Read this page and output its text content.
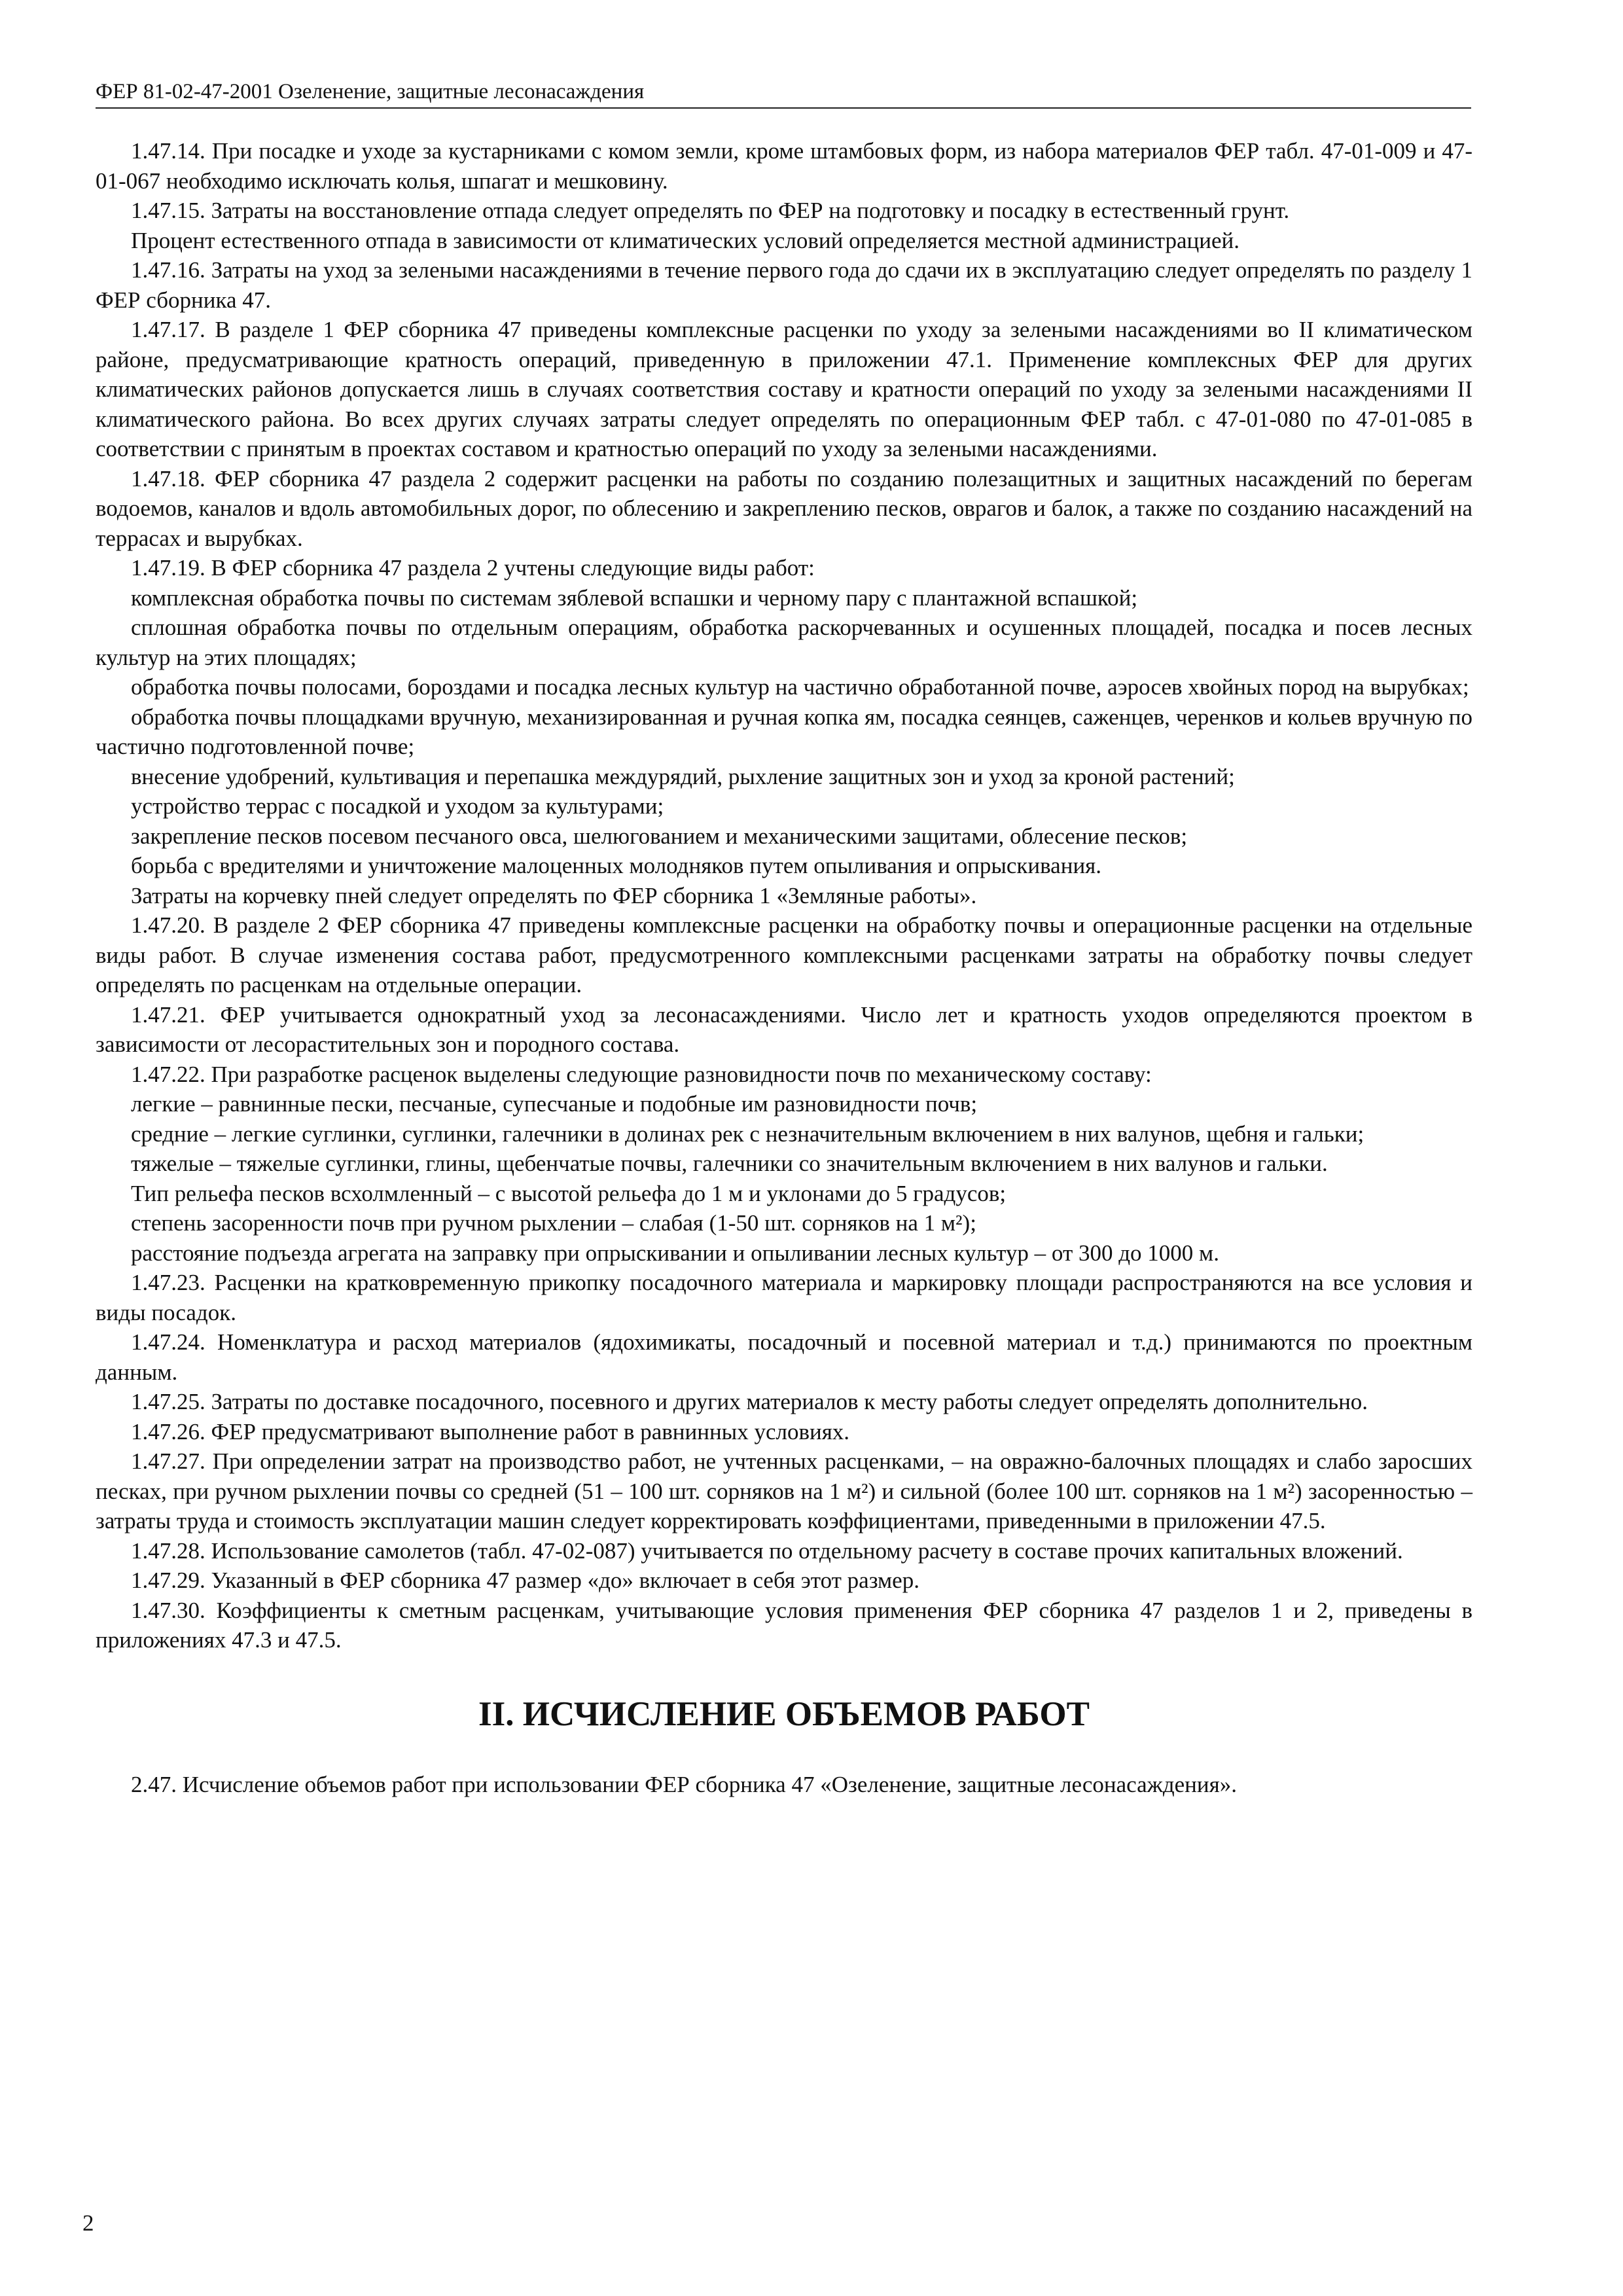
ФЕР 81-02-47-2001 Озеленение, защитные лесонасаждения

1.47.14. При посадке и уходе за кустарниками с комом земли, кроме штамбовых форм, из набора материалов ФЕР табл. 47-01-009 и 47-01-067 необходимо исключать колья, шпагат и мешковину.

1.47.15. Затраты на восстановление отпада следует определять по ФЕР на подготовку и посадку в естественный грунт.

Процент естественного отпада в зависимости от климатических условий определяется местной администрацией.

1.47.16. Затраты на уход за зелеными насаждениями в течение первого года до сдачи их в эксплуатацию следует определять по разделу 1 ФЕР сборника 47.

1.47.17. В разделе 1 ФЕР сборника 47 приведены комплексные расценки по уходу за зелеными насаждениями во II климатическом районе, предусматривающие кратность операций, приведенную в приложении 47.1. Применение комплексных ФЕР для других климатических районов допускается лишь в случаях соответствия составу и кратности операций по уходу за зелеными насаждениями II климатического района. Во всех других случаях затраты следует определять по операционным ФЕР табл. с 47-01-080 по 47-01-085 в соответствии с принятым в проектах составом и кратностью операций по уходу за зелеными насаждениями.

1.47.18. ФЕР сборника 47 раздела 2 содержит расценки на работы по созданию полезащитных и защитных насаждений по берегам водоемов, каналов и вдоль автомобильных дорог, по облесению и закреплению песков, оврагов и балок, а также по созданию насаждений на террасах и вырубках.

1.47.19. В ФЕР сборника 47 раздела 2 учтены следующие виды работ:

комплексная обработка почвы по системам зяблевой вспашки и черному пару с плантажной вспашкой;

сплошная обработка почвы по отдельным операциям, обработка раскорчеванных и осушенных площадей, посадка и посев лесных культур на этих площадях;

обработка почвы полосами, бороздами и посадка лесных культур на частично обработанной почве, аэросев хвойных пород на вырубках;

обработка почвы площадками вручную, механизированная и ручная копка ям, посадка сеянцев, саженцев, черенков и кольев вручную по частично подготовленной почве;

внесение удобрений, культивация и перепашка междурядий, рыхление защитных зон и уход за кроной растений;

устройство террас с посадкой и уходом за культурами;

закрепление песков посевом песчаного овса, шелюгованием и механическими защитами, облесение песков;

борьба с вредителями и уничтожение малоценных молодняков путем опыливания и опрыскивания.

Затраты на корчевку пней следует определять по ФЕР сборника 1 «Земляные работы».

1.47.20. В разделе 2 ФЕР сборника 47 приведены комплексные расценки на обработку почвы и операционные расценки на отдельные виды работ. В случае изменения состава работ, предусмотренного комплексными расценками затраты на обработку почвы следует определять по расценкам на отдельные операции.

1.47.21. ФЕР учитывается однократный уход за лесонасаждениями. Число лет и кратность уходов определяются проектом в зависимости от лесорастительных зон и породного состава.

1.47.22. При разработке расценок выделены следующие разновидности почв по механическому составу:

легкие – равнинные пески, песчаные, супесчаные и подобные им разновидности почв;

средние – легкие суглинки, суглинки, галечники в долинах рек с незначительным включением в них валунов, щебня и гальки;

тяжелые – тяжелые суглинки, глины, щебенчатые почвы, галечники со значительным включением в них валунов и гальки.

Тип рельефа песков всхолмленный – с высотой рельефа до 1 м и уклонами до 5 градусов;

степень засоренности почв при ручном рыхлении – слабая (1-50 шт. сорняков на 1 м²);

расстояние подъезда агрегата на заправку при опрыскивании и опыливании лесных культур – от 300 до 1000 м.

1.47.23. Расценки на кратковременную прикопку посадочного материала и маркировку площади распространяются на все условия и виды посадок.

1.47.24. Номенклатура и расход материалов (ядохимикаты, посадочный и посевной материал и т.д.) принимаются по проектным данным.

1.47.25. Затраты по доставке посадочного, посевного и других материалов к месту работы следует определять дополнительно.

1.47.26. ФЕР предусматривают выполнение работ в равнинных условиях.

1.47.27. При определении затрат на производство работ, не учтенных расценками, – на овражно-балочных площадях и слабо заросших песках, при ручном рыхлении почвы со средней (51 – 100 шт. сорняков на 1 м²) и сильной (более 100 шт. сорняков на 1 м²) засоренностью –затраты труда и стоимость эксплуатации машин следует корректировать коэффициентами, приведенными в приложении 47.5.

1.47.28. Использование самолетов (табл. 47-02-087) учитывается по отдельному расчету в составе прочих капитальных вложений.

1.47.29. Указанный в ФЕР сборника 47 размер «до» включает в себя этот размер.

1.47.30. Коэффициенты к сметным расценкам, учитывающие условия применения ФЕР сборника 47 разделов 1 и 2, приведены в приложениях 47.3 и 47.5.

II. ИСЧИСЛЕНИЕ ОБЪЕМОВ РАБОТ

2.47. Исчисление объемов работ при использовании ФЕР сборника 47 «Озеленение, защитные лесонасаждения».

2
